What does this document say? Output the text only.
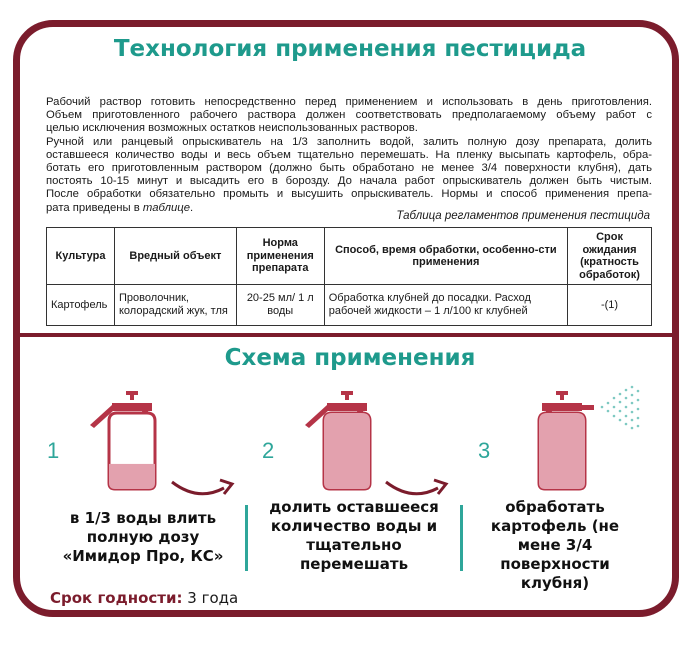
Технология применения пестицида
Рабочий раствор готовить непосредственно перед применением и использовать в день приготовления.
Объем приготовленного рабочего раствора должен соответствовать предполагаемому объему работ с
целью исключения возможных остатков неиспользованных растворов.
Ручной или ранцевый опрыскиватель на 1/3 заполнить водой, залить полную дозу препарата, долить
оставшееся количество воды и весь объем тщательно перемешать. На пленку высыпать картофель, обра-
ботать его приготовленным раствором (должно быть обработано не менее 3/4 поверхности клубня), дать
постоять 10-15 минут и высадить его в борозду. До начала работ опрыскиватель должен быть чистым.
После обработки обязательно промыть и высушить опрыскиватель. Нормы и способ применения препа-
рата приведены в таблице.
Таблица регламентов применения пестицида
Культура	Вредный объект	Норма применения препарата	Способ, время обработки, особенно-сти применения	Срок ожидания (кратность обработок)
Картофель	Проволочник, колорадский жук, тля	20-25 мл/ 1 л воды	Обработка клубней до посадки. Расход рабочей жидкости – 1 л/100 кг клубней	-(1)
Схема применения
1	2	3
в 1/3 воды влить полную дозу «Имидор Про, КС»
долить оставшееся количество воды и тщательно перемешать
обработать картофель (не мене 3/4 поверхности клубня)
Срок годности: 3 года
